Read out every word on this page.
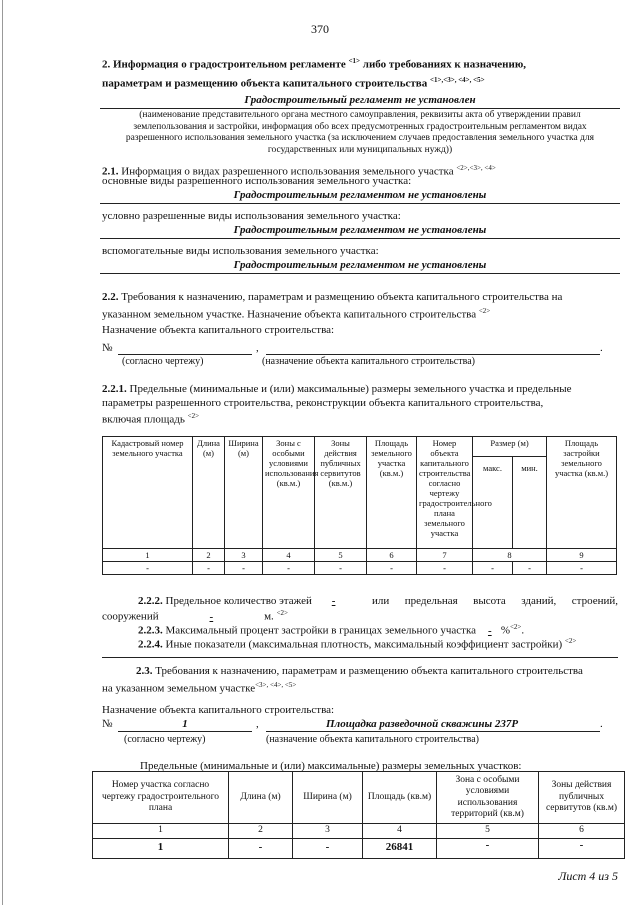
370
2. Информация о градостроительном регламенте $^{<1>}$ либо требованиях к назначению,
параметрам и размещению объекта капитального строительства $^{<1>,<3>, <4>, <5>}$
Градостроительный регламент не установлен
(наименование представительного органа местного самоуправления, реквизиты акта об утверждении правил землепользования и застройки, информация обо всех предусмотренных градостроительным регламентом видах разрешенного использования земельного участка (за исключением случаев предоставления земельного участка для государственных или муниципальных нужд))
2.1. Информация о видах разрешенного использования земельного участка $^{<2>,<3>, <4>}$
основные виды разрешенного использования земельного участка:
Градостроительным регламентом не установлены
условно разрешенные виды использования земельного участка:
Градостроительным регламентом не установлены
вспомогательные виды использования земельного участка:
Градостроительным регламентом не установлены
2.2. Требования к назначению, параметрам и размещению объекта капитального строительства на
указанном земельном участке. Назначение объекта капитального строительства $^{<2>}$
Назначение объекта капитального строительства:
№	,	.
(согласно чертежу)	(назначение объекта капитального строительства)
2.2.1. Предельные (минимальные и (или) максимальные) размеры земельного участка и предельные
параметры разрешенного строительства, реконструкции объекта капитального строительства,
включая площадь $^{<2>}$
Кадастровый номер земельного участка	Длина (м)	Ширина (м)	Зоны с особыми условиями использования (кв.м.)	Зоны действия публичных сервитутов (кв.м.)	Площадь земельного участка (кв.м.)	Номер объекта капитального строительства согласно чертежу градостроительного плана земельного участка	Размер (м)		Площадь застройки земельного участка (кв.м.)
							макс.	мин.	
1	2	3	4	5	6	7	8		9
-	-	-	-	-	-	-	-	-	-
2.2.2. Предельное количество этажей -	или предельная высота зданий, строений,
сооружений	-	м. $^{<2>}$
2.2.3. Максимальный процент застройки в границах земельного участка - %$^{<2>}$.
2.2.4. Иные показатели (максимальная плотность, максимальный коэффициент застройки) $^{<2>}$
2.3. Требования к назначению, параметрам и размещению объекта капитального строительства
на указанном земельном участке$^{<3>, <4>, <5>}$
Назначение объекта капитального строительства:
№	1	,	Площадка разведочной скважины 237Р	.
(согласно чертежу)	(назначение объекта капитального строительства)
Предельные (минимальные и (или) максимальные) размеры земельных участков:
Номер участка согласно чертежу градостроительного плана	Длина (м)	Ширина (м)	Площадь (кв.м)	Зона с особыми условиями использования территорий (кв.м)	Зоны действия публичных сервитутов (кв.м)
1	2	3	4	5	6
1	-	-	26841	-	-
Лист 4 из 5
